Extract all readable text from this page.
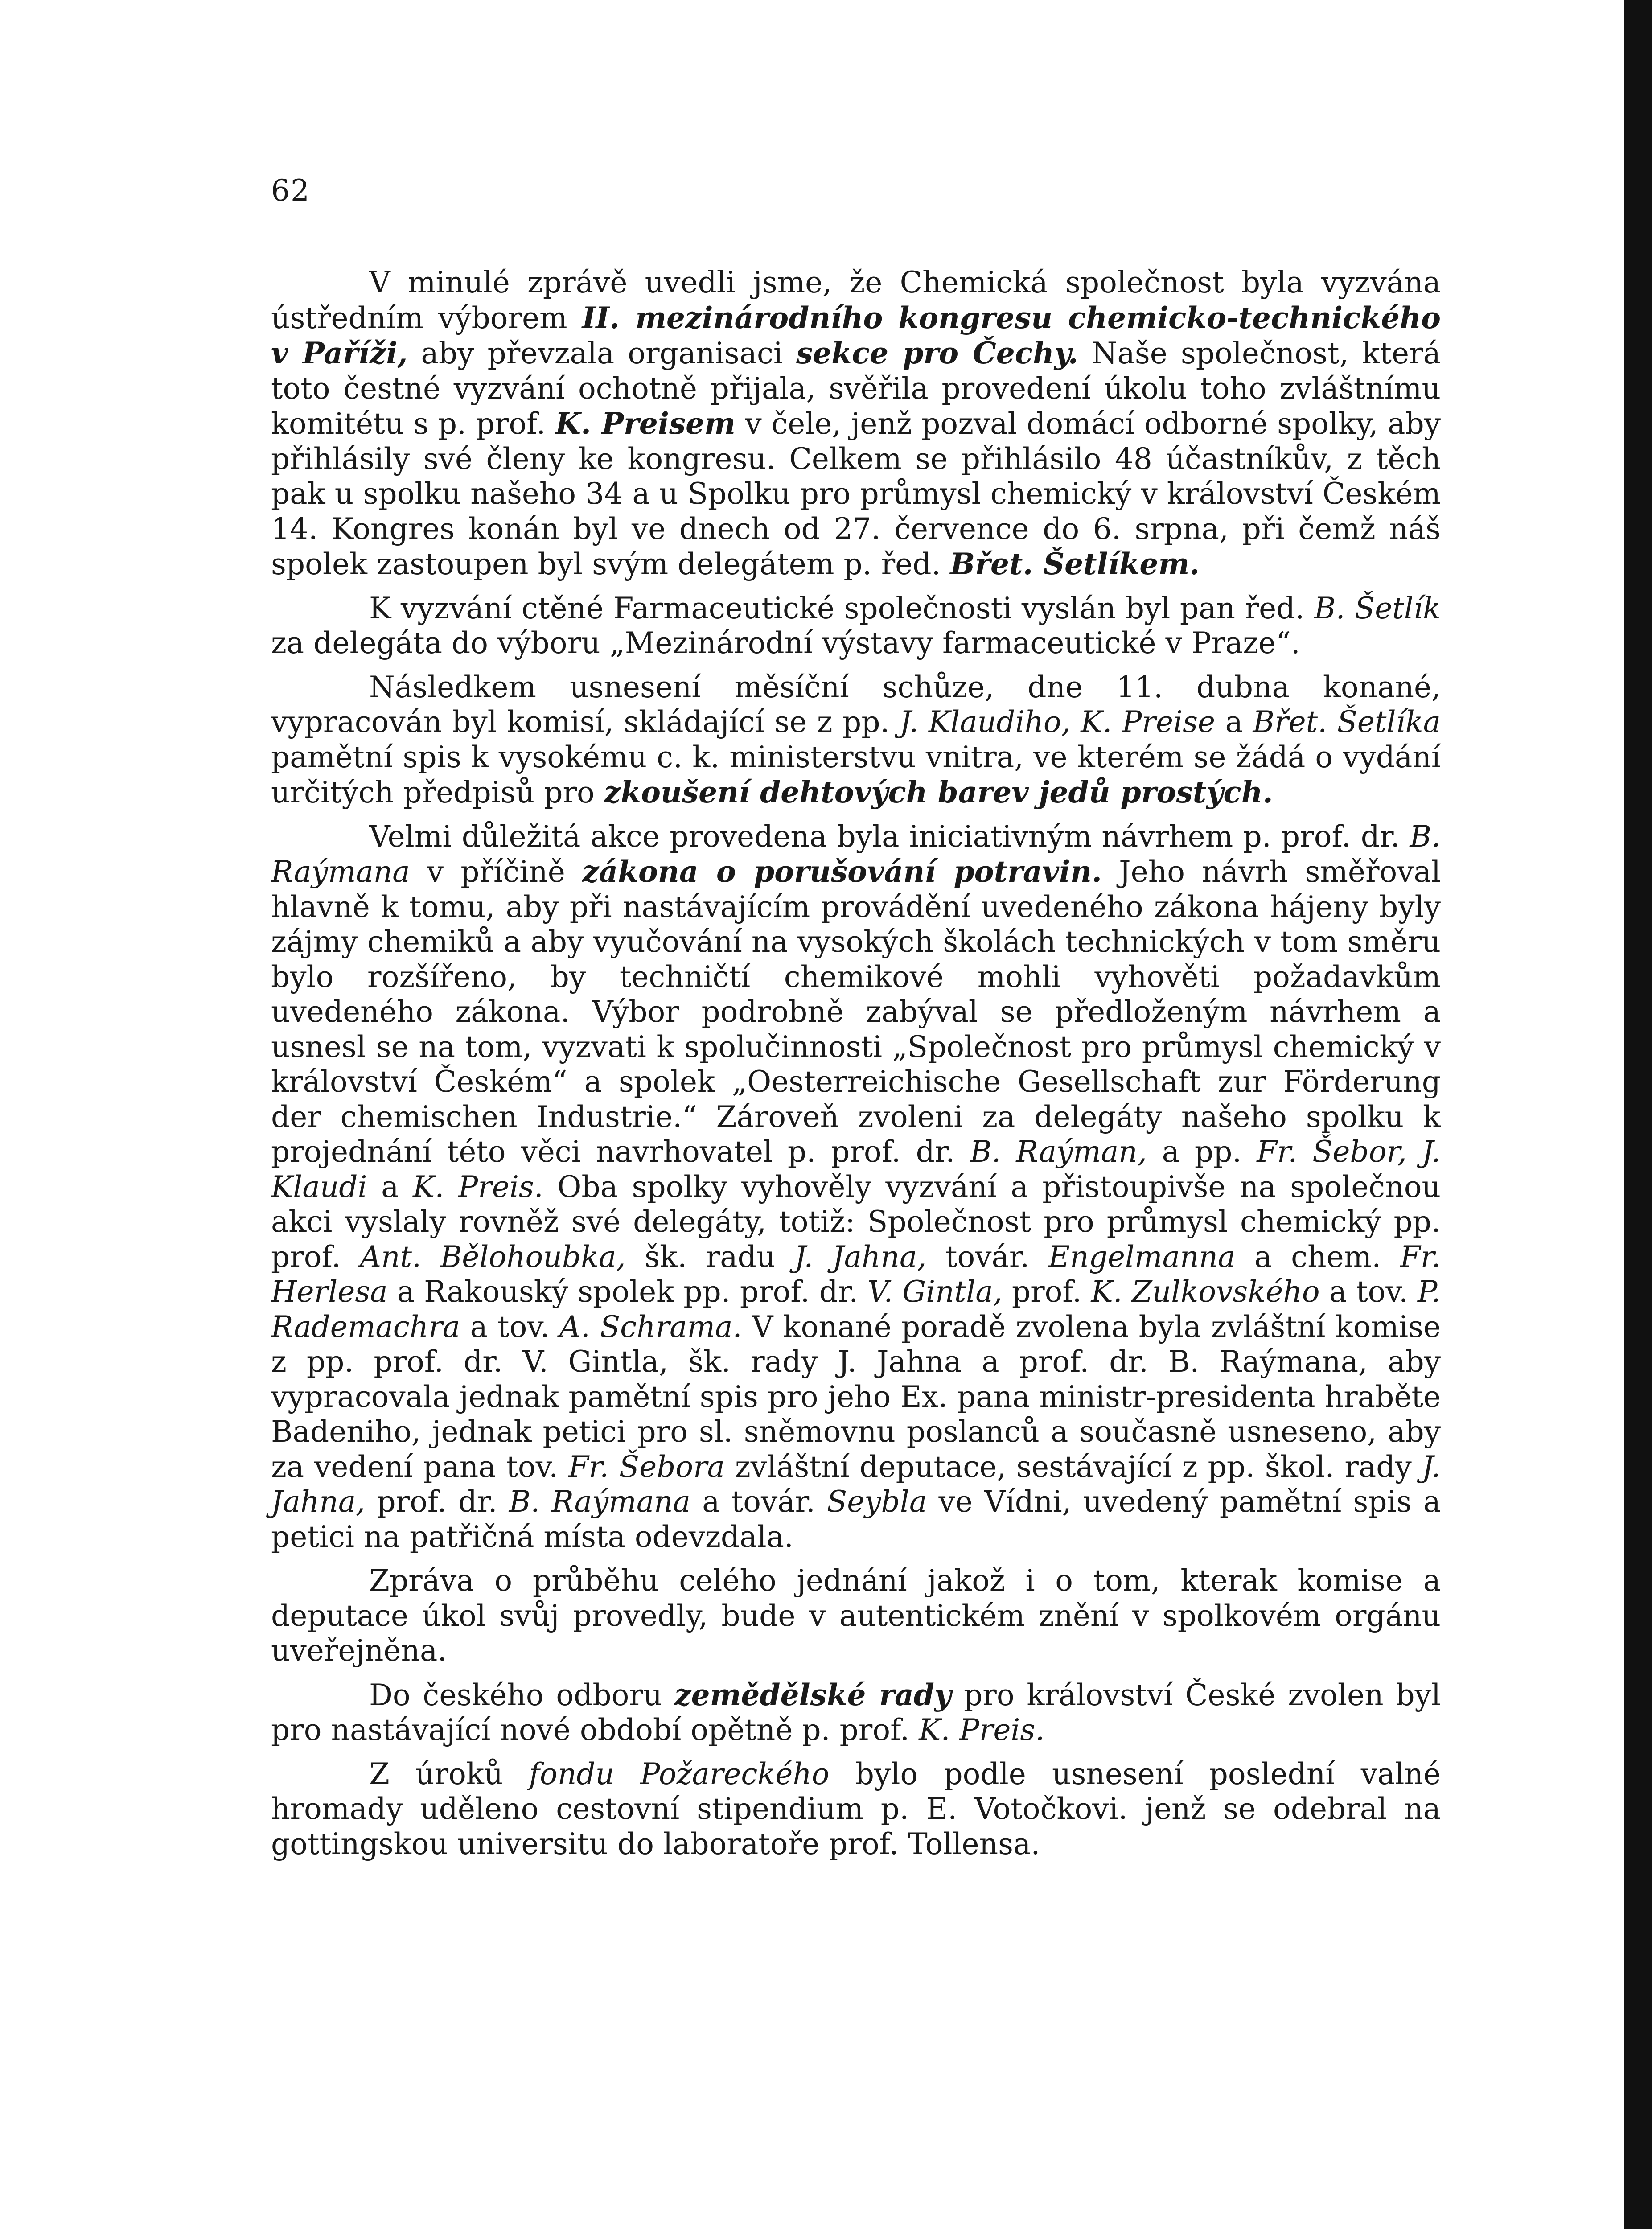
62

V minulé zprávě uvedli jsme, že Chemická společnost byla vyzvána ústředním výborem II. mezinárodního kongresu chemicko-technického v Paříži, aby převzala organisaci sekce pro Čechy. Naše společnost, která toto čestné vyzvání ochotně přijala, svěřila provedení úkolu toho zvláštnímu komitétu s p. prof. K. Preisem v čele, jenž pozval domácí odborné spolky, aby přihlásily své členy ke kongresu. Celkem se přihlásilo 48 účastníkův, z těch pak u spolku našeho 34 a u Spolku pro průmysl chemický v království Českém 14. Kongres konán byl ve dnech od 27. července do 6. srpna, při čemž náš spolek zastoupen byl svým delegátem p. řed. Břet. Šetlíkem.

K vyzvání ctěné Farmaceutické společnosti vyslán byl pan řed. B. Šetlík za delegáta do výboru „Mezinárodní výstavy farmaceutické v Praze“.

Následkem usnesení měsíční schůze, dne 11. dubna konané, vypracován byl komisí, skládající se z pp. J. Klaudiho, K. Preise a Břet. Šetlíka pamětní spis k vysokému c. k. ministerstvu vnitra, ve kterém se žádá o vydání určitých předpisů pro zkoušení dehtových barev jedů prostých.

Velmi důležitá akce provedena byla iniciativným návrhem p. prof. dr. B. Raýmana v příčině zákona o porušování potravin. Jeho návrh směřoval hlavně k tomu, aby při nastávajícím provádění uvedeného zákona hájeny byly zájmy chemiků a aby vyučování na vysokých školách technických v tom směru bylo rozšířeno, by techničtí chemikové mohli vyhověti požadavkům uvedeného zákona. Výbor podrobně zabýval se předloženým návrhem a usnesl se na tom, vyzvati k spolučinnosti „Společnost pro průmysl chemický v království Českém“ a spolek „Oesterreichische Gesellschaft zur Förderung der chemischen Industrie.“ Zároveň zvoleni za delegáty našeho spolku k projednání této věci navrhovatel p. prof. dr. B. Raýman, a pp. Fr. Šebor, J. Klaudi a K. Preis. Oba spolky vyhověly vyzvání a přistoupivše na společnou akci vyslaly rovněž své delegáty, totiž: Společnost pro průmysl chemický pp. prof. Ant. Bělohoubka, šk. radu J. Jahna, továr. Engelmanna a chem. Fr. Herlesa a Rakouský spolek pp. prof. dr. V. Gintla, prof. K. Zulkovského a tov. P. Rademachra a tov. A. Schrama. V konané poradě zvolena byla zvláštní komise z pp. prof. dr. V. Gintla, šk. rady J. Jahna a prof. dr. B. Raýmana, aby vypracovala jednak pamětní spis pro jeho Ex. pana ministr-presidenta hraběte Badeniho, jednak petici pro sl. sněmovnu poslanců a současně usneseno, aby za vedení pana tov. Fr. Šebora zvláštní deputace, sestávající z pp. škol. rady J. Jahna, prof. dr. B. Raýmana a továr. Seybla ve Vídni, uvedený pamětní spis a petici na patřičná místa odevzdala.

Zpráva o průběhu celého jednání jakož i o tom, kterak komise a deputace úkol svůj provedly, bude v autentickém znění v spolkovém orgánu uveřejněna.

Do českého odboru zemědělské rady pro království České zvolen byl pro nastávající nové období opětně p. prof. K. Preis.

Z úroků fondu Požareckého bylo podle usnesení poslední valné hromady uděleno cestovní stipendium p. E. Votočkovi. jenž se odebral na gottingskou universitu do laboratoře prof. Tollensa.
